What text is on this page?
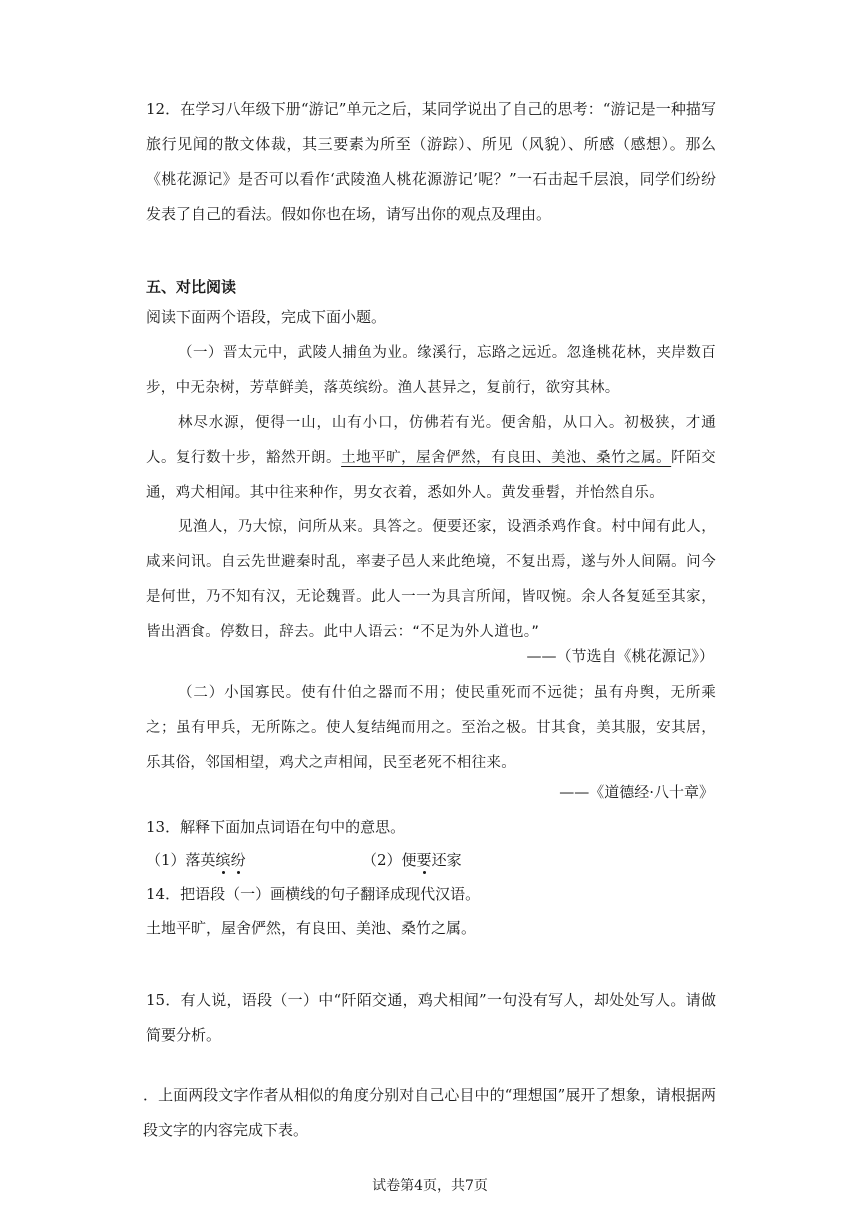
12．在学习八年级下册“游记”单元之后，某同学说出了自己的思考：“游记是一种描写旅行见闻的散文体裁，其三要素为所至（游踪）、所见（风貌）、所感（感想）。那么《桃花源记》是否可以看作‘武陵渔人桃花源游记’呢？”一石击起千层浪，同学们纷纷发表了自己的看法。假如你也在场，请写出你的观点及理由。
五、对比阅读
阅读下面两个语段，完成下面小题。
（一）晋太元中，武陵人捕鱼为业。缘溪行，忘路之远近。忽逢桃花林，夹岸数百步，中无杂树，芳草鲜美，落英缤纷。渔人甚异之，复前行，欲穷其林。
林尽水源，便得一山，山有小口，仿佛若有光。便舍船，从口入。初极狭，才通人。复行数十步，豁然开朗。土地平旷，屋舍俨然，有良田、美池、桑竹之属。阡陌交通，鸡犬相闻。其中往来种作，男女衣着，悉如外人。黄发垂髫，并怡然自乐。
见渔人，乃大惊，问所从来。具答之。便要还家，设酒杀鸡作食。村中闻有此人，咸来问讯。自云先世避秦时乱，率妻子邑人来此绝境，不复出焉，遂与外人间隔。问今是何世，乃不知有汉，无论魏晋。此人一一为具言所闻，皆叹惋。余人各复延至其家，皆出酒食。停数日，辞去。此中人语云：“不足为外人道也。”
——（节选自《桃花源记》）
（二）小国寡民。使有什伯之器而不用；使民重死而不远徙；虽有舟舆，无所乘之；虽有甲兵，无所陈之。使人复结绳而用之。至治之极。甘其食，美其服，安其居，乐其俗，邻国相望，鸡犬之声相闻，民至老死不相往来。
——《道德经·八十章》
13．解释下面加点词语在句中的意思。
（1）落英缤纷	（2）便要还家
14．把语段（一）画横线的句子翻译成现代汉语。
土地平旷，屋舍俨然，有良田、美池、桑竹之属。
15．有人说，语段（一）中“阡陌交通，鸡犬相闻”一句没有写人，却处处写人。请做简要分析。
．上面两段文字作者从相似的角度分别对自己心目中的“理想国”展开了想象，请根据两段文字的内容完成下表。
试卷第4页，共7页
